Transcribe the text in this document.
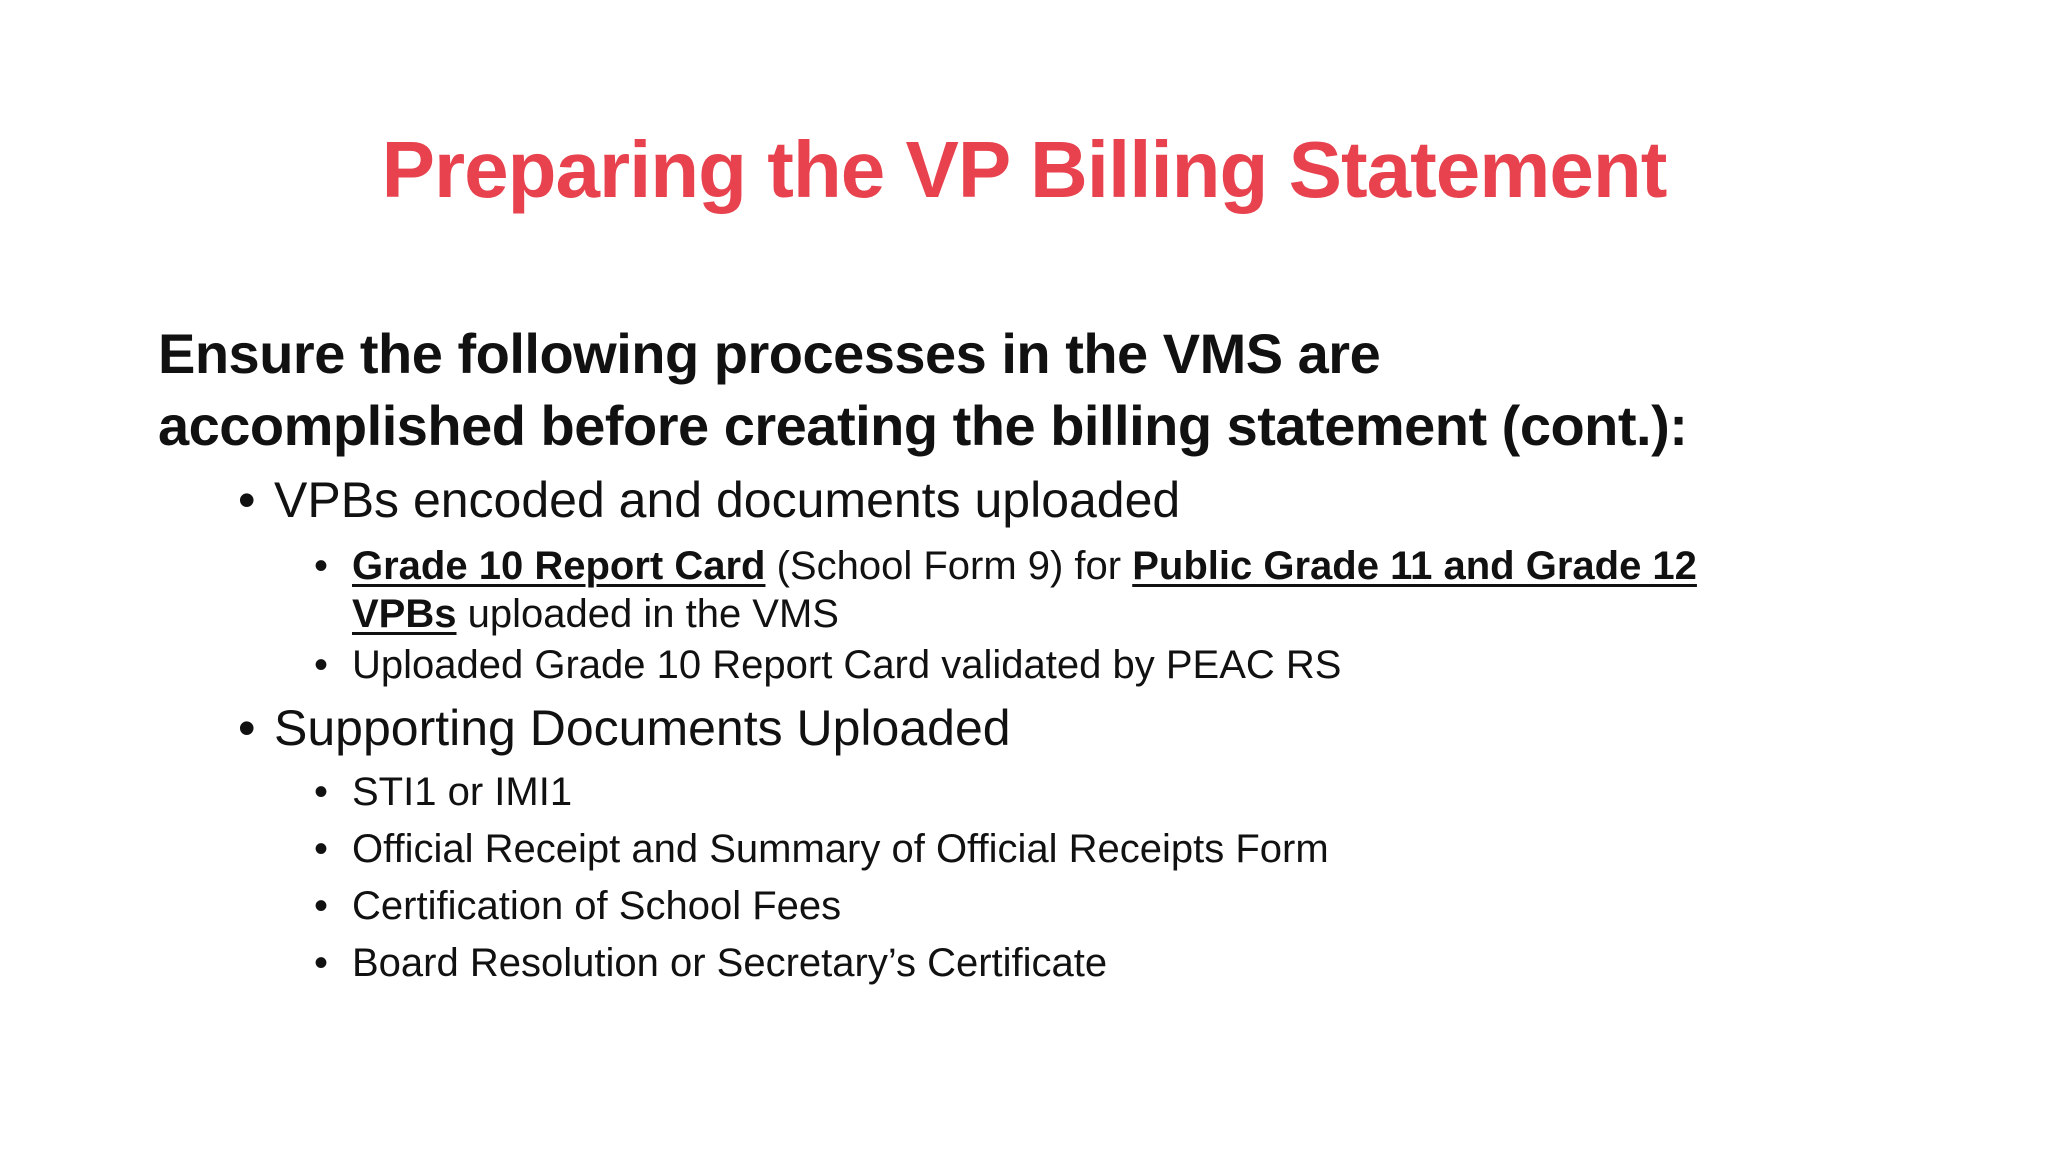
Preparing the VP Billing Statement
Ensure the following processes in the VMS are
accomplished before creating the billing statement (cont.):
• VPBs encoded and documents uploaded
• Grade 10 Report Card (School Form 9) for Public Grade 11 and Grade 12
VPBs uploaded in the VMS
• Uploaded Grade 10 Report Card validated by PEAC RS
• Supporting Documents Uploaded
• STI1 or IMI1
• Official Receipt and Summary of Official Receipts Form
• Certification of School Fees
• Board Resolution or Secretary’s Certificate
